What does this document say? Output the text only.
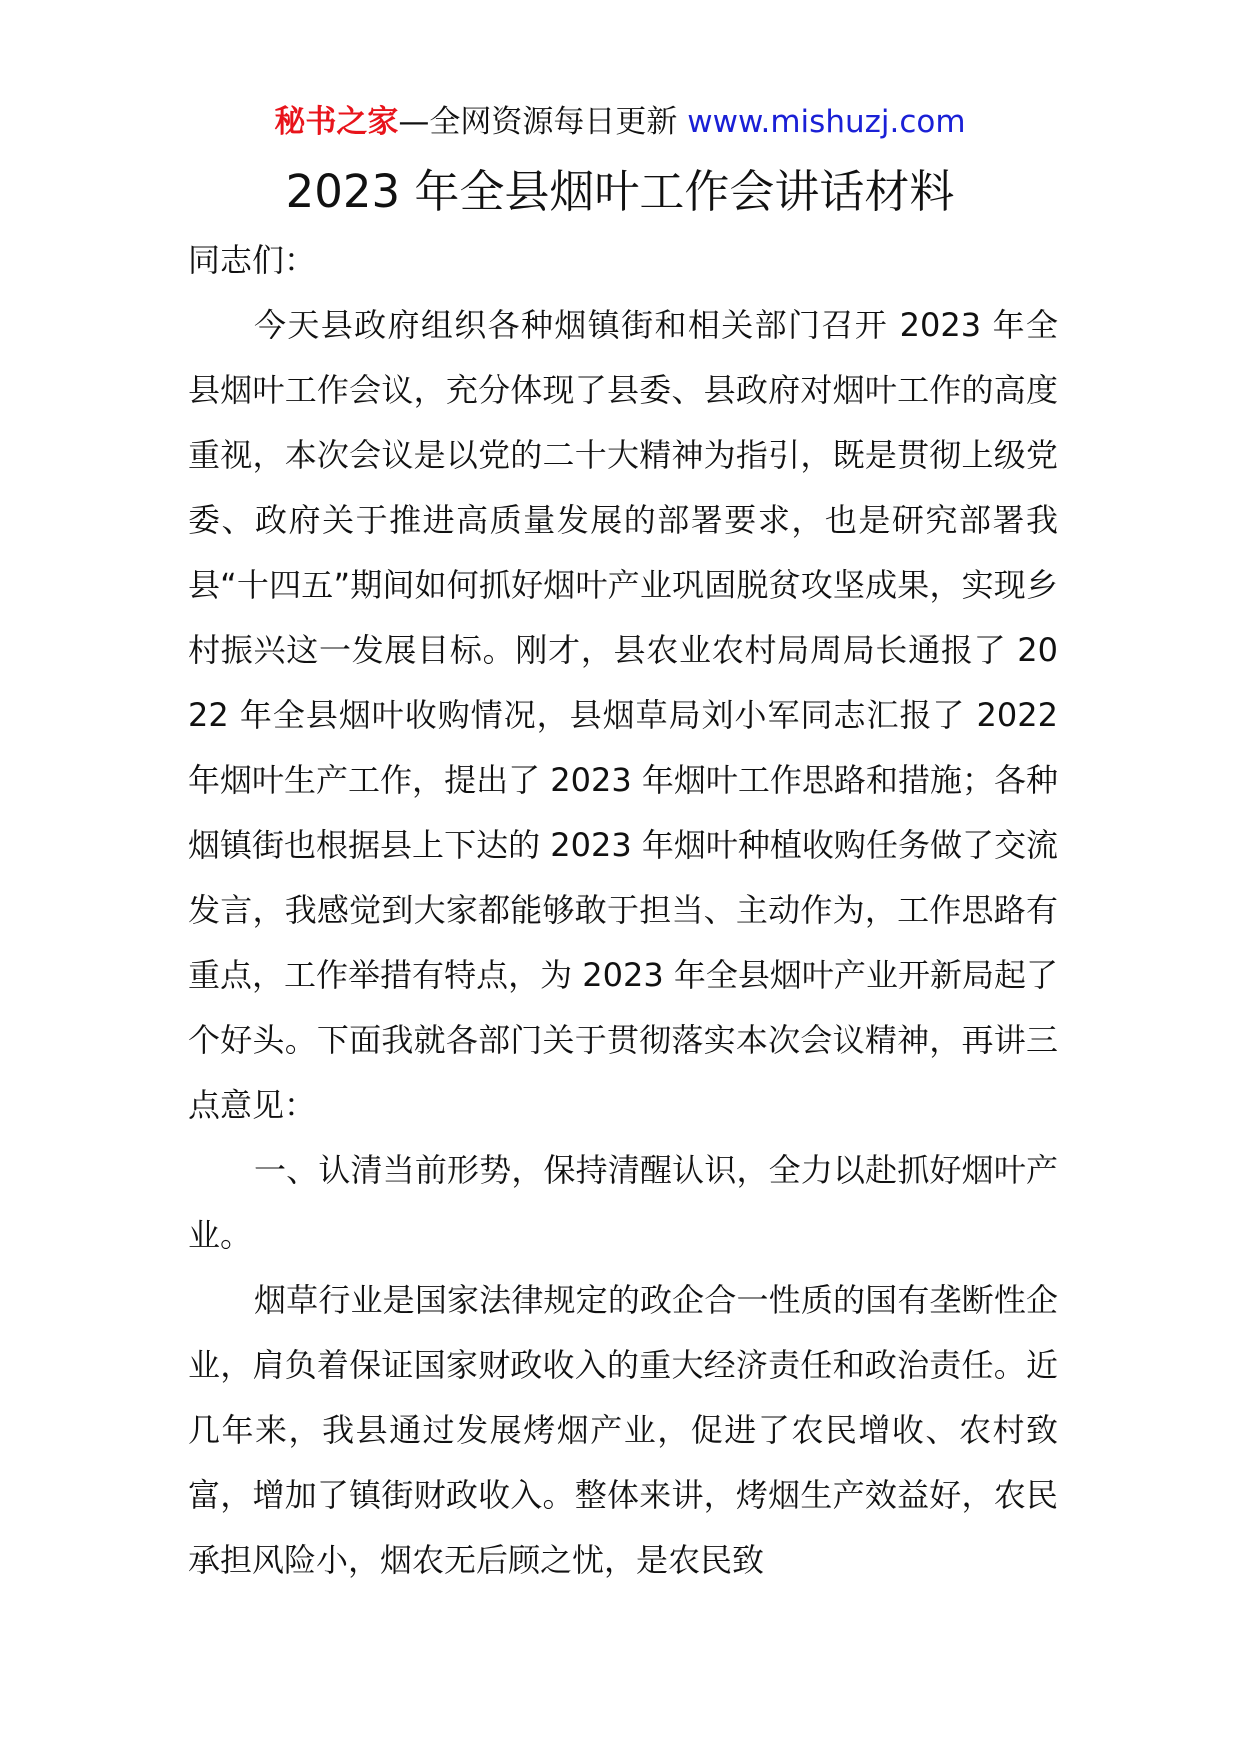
秘书之家—全网资源每日更新 www.mishuzj.com
2023 年全县烟叶工作会讲话材料

同志们：

今天县政府组织各种烟镇街和相关部门召开 2023 年全县烟叶工作会议，充分体现了县委、县政府对烟叶工作的高度重视，本次会议是以党的二十大精神为指引，既是贯彻上级党委、政府关于推进高质量发展的部署要求，也是研究部署我县“十四五”期间如何抓好烟叶产业巩固脱贫攻坚成果，实现乡村振兴这一发展目标。刚才，县农业农村局周局长通报了 2022 年全县烟叶收购情况，县烟草局刘小军同志汇报了 2022 年烟叶生产工作，提出了 2023 年烟叶工作思路和措施；各种烟镇街也根据县上下达的 2023 年烟叶种植收购任务做了交流发言，我感觉到大家都能够敢于担当、主动作为，工作思路有重点，工作举措有特点，为 2023 年全县烟叶产业开新局起了个好头。下面我就各部门关于贯彻落实本次会议精神，再讲三点意见：

一、认清当前形势，保持清醒认识，全力以赴抓好烟叶产业。

烟草行业是国家法律规定的政企合一性质的国有垄断性企业，肩负着保证国家财政收入的重大经济责任和政治责任。近几年来，我县通过发展烤烟产业，促进了农民增收、农村致富，增加了镇街财政收入。整体来讲，烤烟生产效益好，农民承担风险小，烟农无后顾之忧，是农民致
